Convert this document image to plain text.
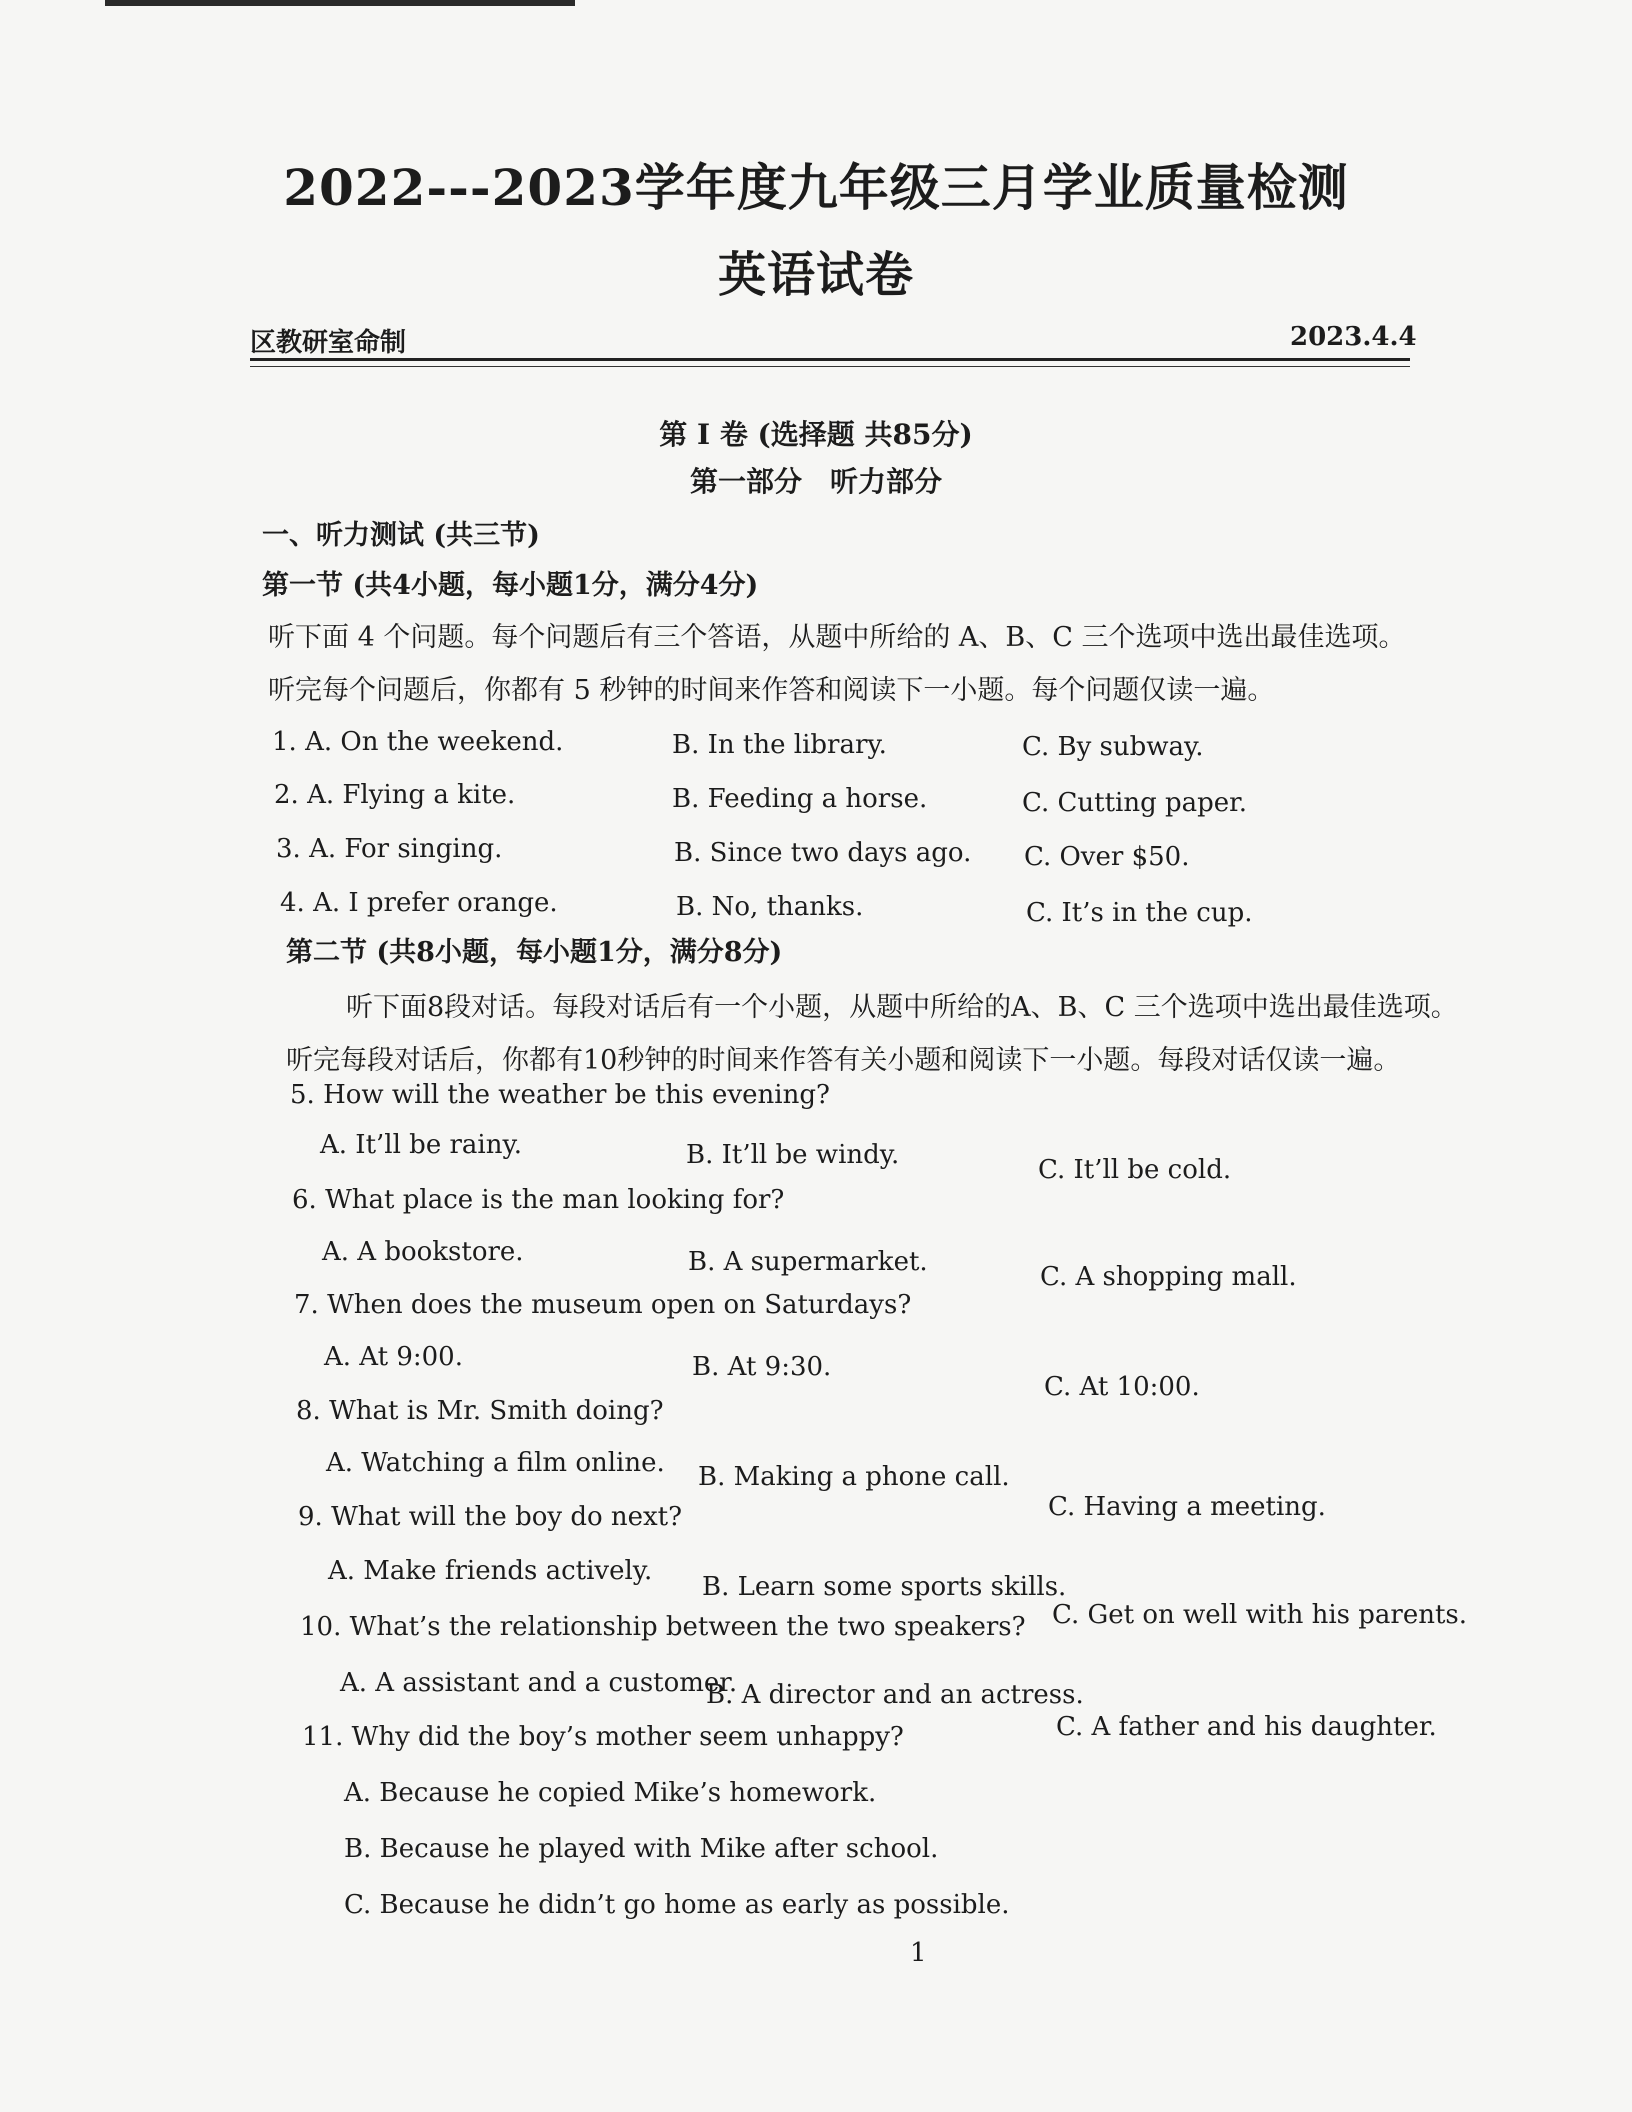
2022---2023学年度九年级三月学业质量检测
英语试卷
区教研室命制	2023.4.4
第 I 卷 (选择题 共85分)
第一部分　听力部分
一、听力测试 (共三节)
第一节 (共4小题，每小题1分，满分4分)
听下面 4 个问题。每个问题后有三个答语，从题中所给的 A、B、C 三个选项中选出最佳选项。
听完每个问题后，你都有 5 秒钟的时间来作答和阅读下一小题。每个问题仅读一遍。
1. A. On the weekend.	B. In the library.	C. By subway.
2. A. Flying a kite.	B. Feeding a horse.	C. Cutting paper.
3. A. For singing.	B. Since two days ago. C. Over $50.
4. A. I prefer orange.	B. No, thanks.	C. It’s in the cup.
第二节 (共8小题，每小题1分，满分8分)
听下面8段对话。每段对话后有一个小题，从题中所给的A、B、C 三个选项中选出最佳选项。
听完每段对话后，你都有10秒钟的时间来作答有关小题和阅读下一小题。每段对话仅读一遍。
5. How will the weather be this evening?
A. It’ll be rainy.	B. It’ll be windy.	C. It’ll be cold.
6. What place is the man looking for?
A. A bookstore.	B. A supermarket.	C. A shopping mall.
7. When does the museum open on Saturdays?
A. At 9:00.	B. At 9:30.
C. At 10:00.
8. What is Mr. Smith doing?
A. Watching a film online. B. Making a phone call.
C. Having a meeting.
9. What will the boy do next?
A. Make friends actively.
B. Learn some sports skills.
C. Get on well with his parents.
10. What’s the relationship between the two speakers?
A. A assistant and a customer.
B. A director and an actress.
C. A father and his daughter.
11. Why did the boy’s mother seem unhappy?
A. Because he copied Mike’s homework.
B. Because he played with Mike after school.
C. Because he didn’t go home as early as possible.
1
